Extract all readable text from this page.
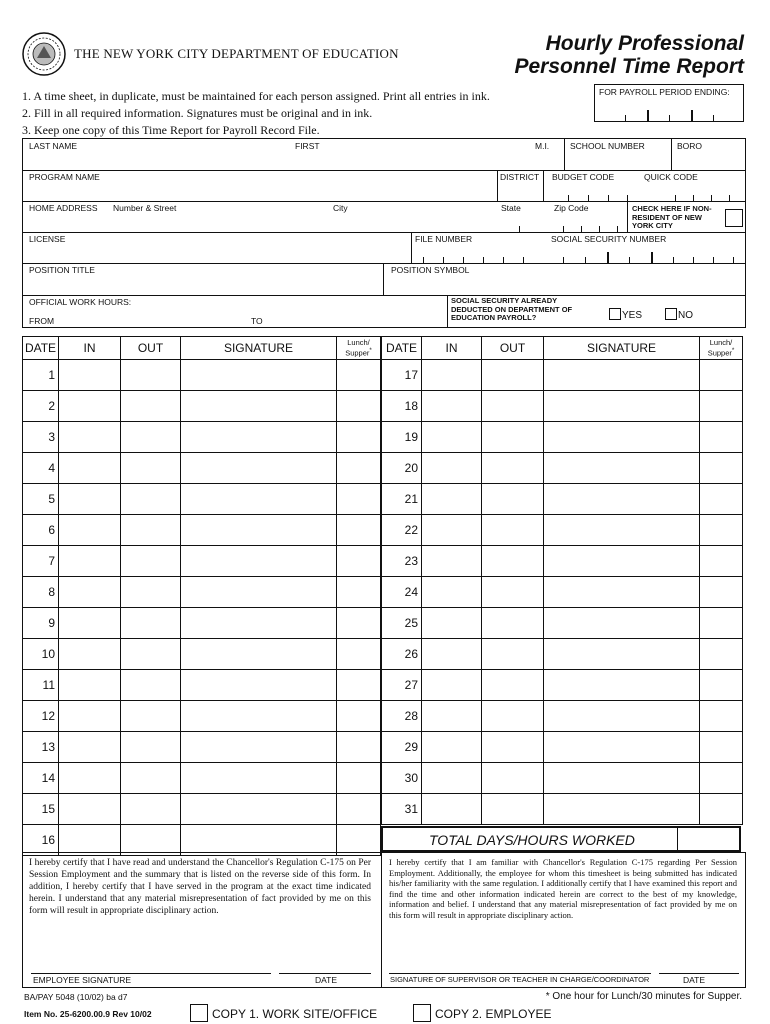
THE NEW YORK CITY DEPARTMENT OF EDUCATION	Hourly Professional
Personnel Time Report
1. A time sheet, in duplicate, must be maintained for each person assigned. Print all entries in ink.
2. Fill in all required information. Signatures must be original and in ink.
3. Keep one copy of this Time Report for Payroll Record File.
FOR PAYROLL PERIOD ENDING:
LAST NAME	FIRST	M.I. SCHOOL NUMBER	BORO
PROGRAM NAME	DISTRICT BUDGET CODE	QUICK CODE
HOME ADDRESS Number & Street	City	State	Zip Code	CHECK HERE IF NON-RESIDENT OF NEW YORK CITY
LICENSE	FILE NUMBER	SOCIAL SECURITY NUMBER
POSITION TITLE	POSITION SYMBOL
OFFICIAL WORK HOURS:
FROM	TO
SOCIAL SECURITY ALREADY DEDUCTED ON DEPARTMENT OF EDUCATION PAYROLL?	YES	NO
DATE	IN	OUT	SIGNATURE	Lunch/ Supper*
1				
2				
3				
4				
5				
6				
7				
8				
9				
10				
11				
12				
13				
14				
15				
16				
DATE	IN	OUT	SIGNATURE	Lunch/ Supper*
17				
18				
19				
20				
21				
22				
23				
24				
25				
26				
27				
28				
29				
30				
31				
TOTAL DAYS/HOURS WORKED
I hereby certify that I have read and understand the Chancellor's Regulation C-175 on Per Session Employment and the summary that is listed on the reverse side of this form. In addition, I hereby certify that I have served in the program at the exact time indicated herein. I understand that any material misrepresentation of fact provided by me on this form will result in appropriate disciplinary action.
I hereby certify that I am familiar with Chancellor's Regulation C-175 regarding Per Session Employment. Additionally, the employee for whom this timesheet is being submitted has indicated his/her familiarity with the same regulation. I additionally certify that I have examined this report and find the time and other information indicated herein are correct to the best of my knowledge, information and belief. I understand that any material misrepresentation of fact provided by me on this form will result in appropriate disciplinary action.
EMPLOYEE SIGNATURE	DATE	SIGNATURE OF SUPERVISOR OR TEACHER IN CHARGE/COORDINATOR	DATE
BA/PAY 5048 (10/02) ba d7	* One hour for Lunch/30 minutes for Supper.
Item No. 25-6200.00.9 Rev 10/02	COPY 1. WORK SITE/OFFICE	COPY 2. EMPLOYEE
